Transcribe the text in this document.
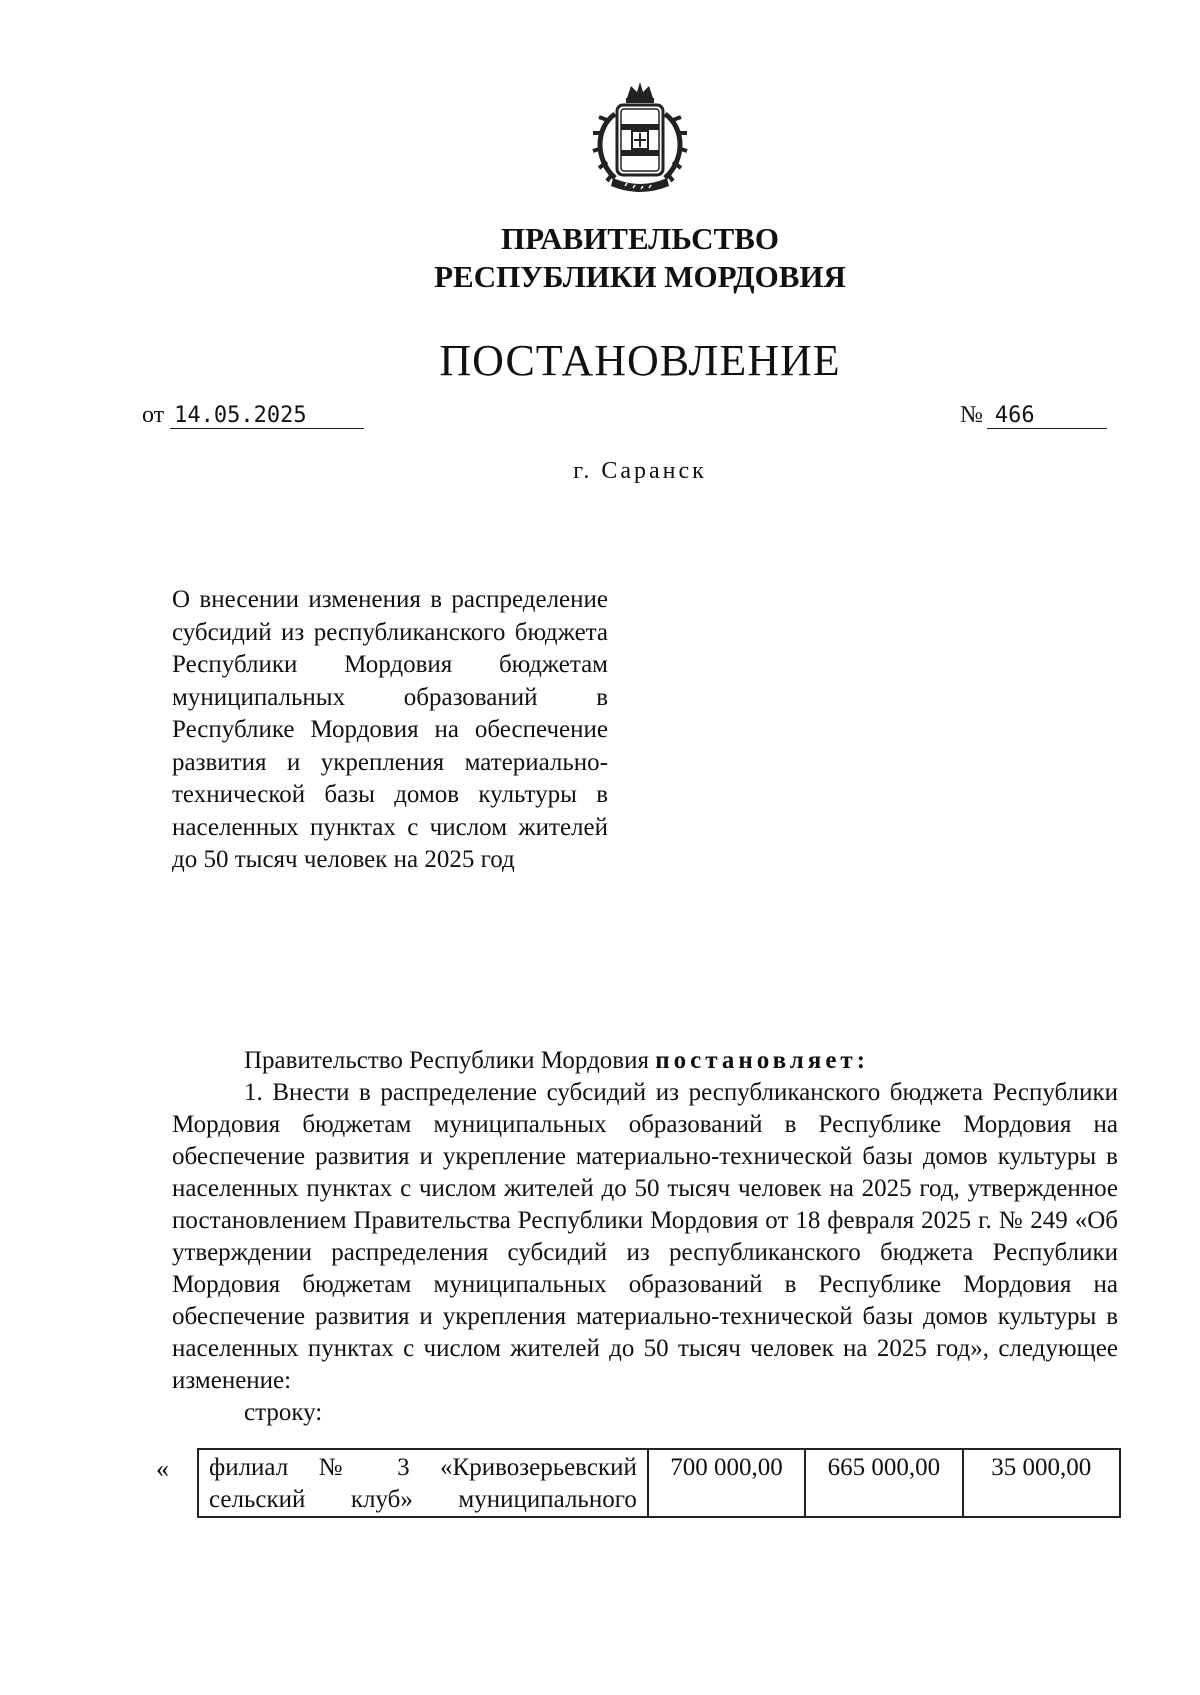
ПРАВИТЕЛЬСТВО
РЕСПУБЛИКИ МОРДОВИЯ
ПОСТАНОВЛЕНИЕ
от 14.05.2025	№ 466
г. Саранск
О внесении изменения в распределение субсидий из республиканского бюджета Республики Мордовия бюджетам муниципальных образований в Республике Мордовия на обеспечение развития и укрепления материально-технической базы домов культуры в населенных пунктах с числом жителей до 50 тысяч человек на 2025 год

Правительство Республики Мордовия постановляет:

1. Внести в распределение субсидий из республиканского бюджета Республики Мордовия бюджетам муниципальных образований в Республике Мордовия на обеспечение развития и укрепление материально-технической базы домов культуры в населенных пунктах с числом жителей до 50 тысяч человек на 2025 год, утвержденное постановлением Правительства Республики Мордовия от 18 февраля 2025 г. № 249 «Об утверждении распределения субсидий из республиканского бюджета Республики Мордовия бюджетам муниципальных образований в Республике Мордовия на обеспечение развития и укрепления материально-технической базы домов культуры в населенных пунктах с числом жителей до 50 тысяч человек на 2025 год», следующее изменение:

строку:

« филиал № 3 «Кривозерьевский сельский клуб» муниципального	700 000,00	665 000,00	35 000,00
